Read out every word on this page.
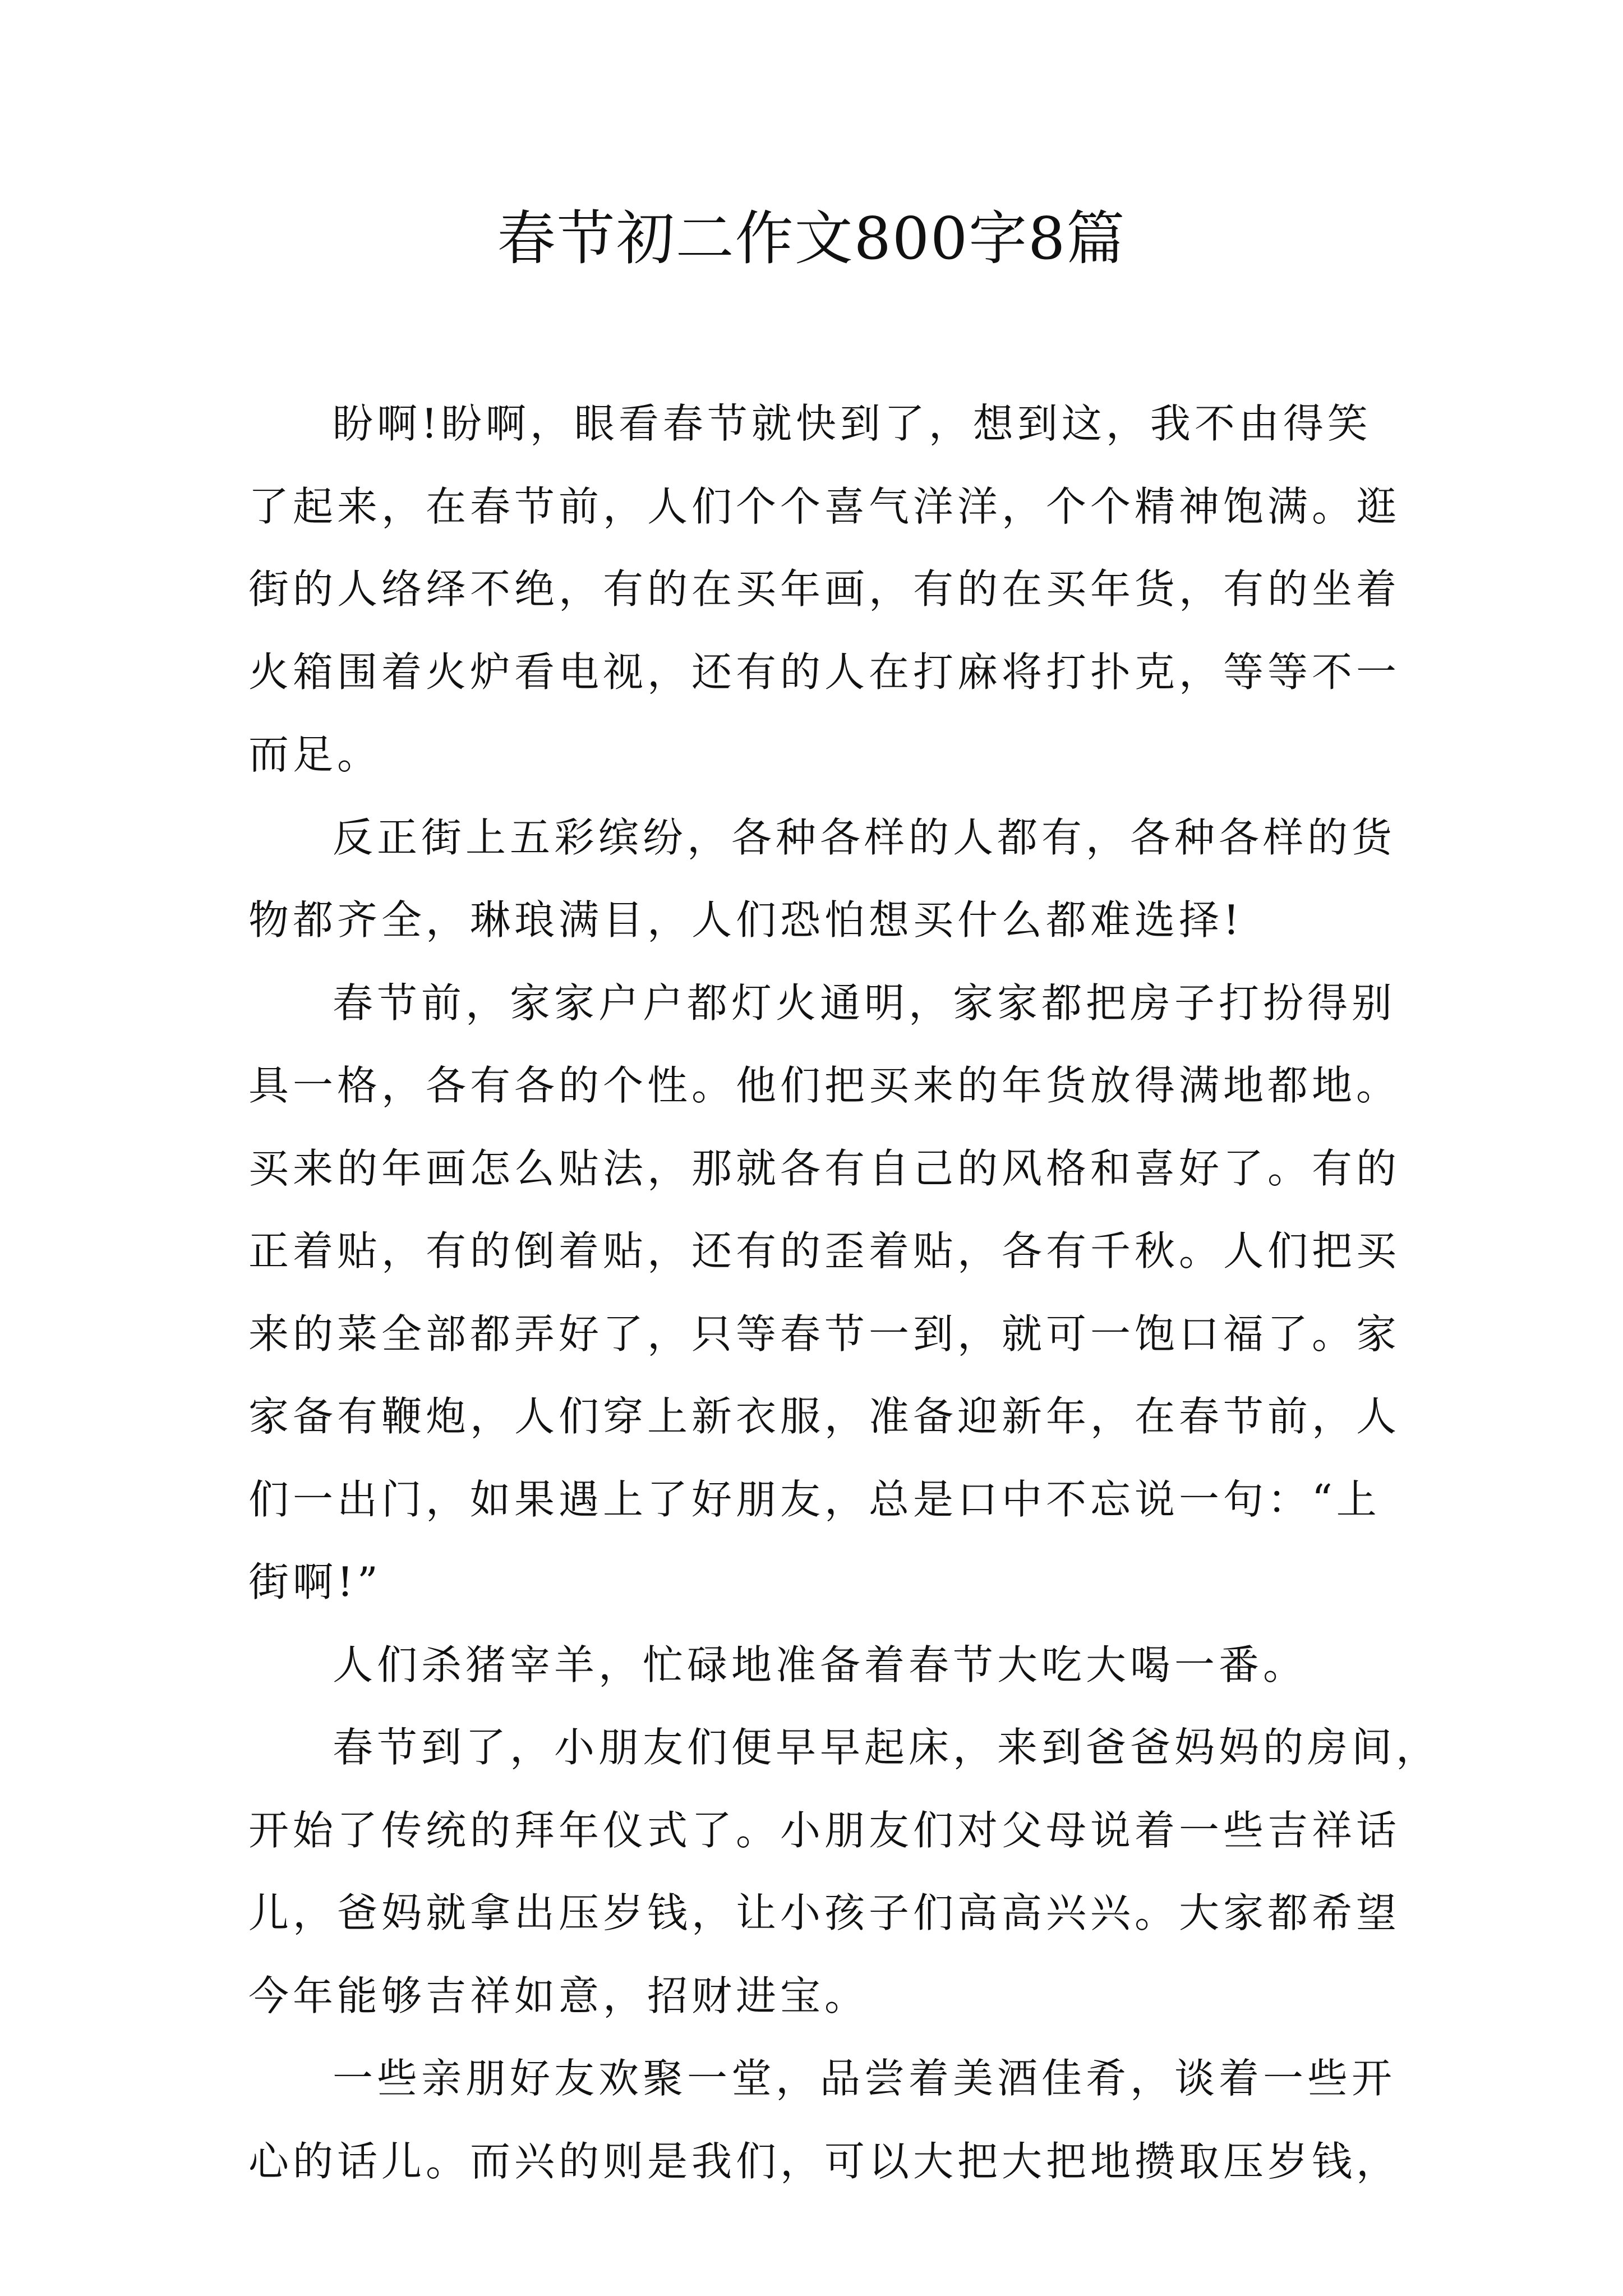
春节初二作文800字8篇

盼啊!盼啊，眼看春节就快到了，想到这，我不由得笑
了起来，在春节前，人们个个喜气洋洋，个个精神饱满。逛
街的人络绎不绝，有的在买年画，有的在买年货，有的坐着
火箱围着火炉看电视，还有的人在打麻将打扑克，等等不一
而足。

反正街上五彩缤纷，各种各样的人都有，各种各样的货
物都齐全，琳琅满目，人们恐怕想买什么都难选择!

春节前，家家户户都灯火通明，家家都把房子打扮得别
具一格，各有各的个性。他们把买来的年货放得满地都地。
买来的年画怎么贴法，那就各有自己的风格和喜好了。有的
正着贴，有的倒着贴，还有的歪着贴，各有千秋。人们把买
来的菜全部都弄好了，只等春节一到，就可一饱口福了。家
家备有鞭炮，人们穿上新衣服，准备迎新年，在春节前，人
们一出门，如果遇上了好朋友，总是口中不忘说一句：“上
街啊!”

人们杀猪宰羊，忙碌地准备着春节大吃大喝一番。

春节到了，小朋友们便早早起床，来到爸爸妈妈的房间，
开始了传统的拜年仪式了。小朋友们对父母说着一些吉祥话
儿，爸妈就拿出压岁钱，让小孩子们高高兴兴。大家都希望
今年能够吉祥如意，招财进宝。

一些亲朋好友欢聚一堂，品尝着美酒佳肴，谈着一些开
心的话儿。而兴的则是我们，可以大把大把地攒取压岁钱，
